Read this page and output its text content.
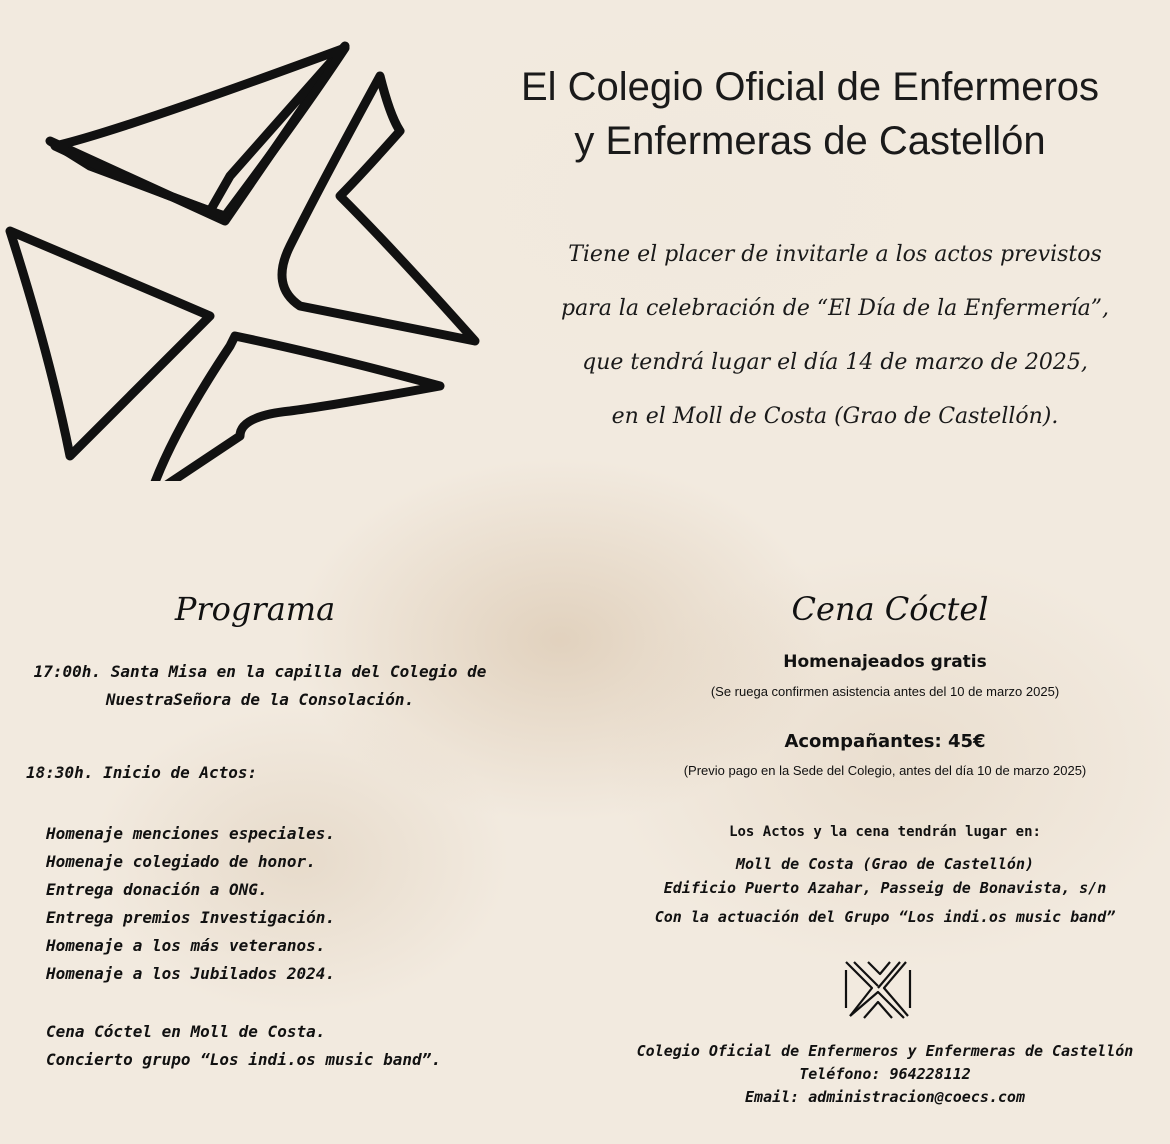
El Colegio Oficial de Enfermeros
y Enfermeras de Castellón
Tiene el placer de invitarle a los actos previstos
para la celebración de “El Día de la Enfermería”,
que tendrá lugar el día 14 de marzo de 2025,
en el Moll de Costa (Grao de Castellón).
Programa
17:00h. Santa Misa en la capilla del Colegio de
NuestraSeñora de la Consolación.
18:30h. Inicio de Actos:
Homenaje menciones especiales.
Homenaje colegiado de honor.
Entrega donación a ONG.
Entrega premios Investigación.
Homenaje a los más veteranos.
Homenaje a los Jubilados 2024.
Cena Cóctel en Moll de Costa.
Concierto grupo “Los indi.os music band”.
Cena Cóctel
Homenajeados gratis
(Se ruega confirmen asistencia antes del 10 de marzo 2025)
Acompañantes: 45€
(Previo pago en la Sede del Colegio, antes del día 10 de marzo 2025)
Los Actos y la cena tendrán lugar en:
Moll de Costa (Grao de Castellón)
Edificio Puerto Azahar, Passeig de Bonavista, s/n
Con la actuación del Grupo “Los indi.os music band”
Colegio Oficial de Enfermeros y Enfermeras de Castellón
Teléfono: 964228112
Email: administracion@coecs.com
